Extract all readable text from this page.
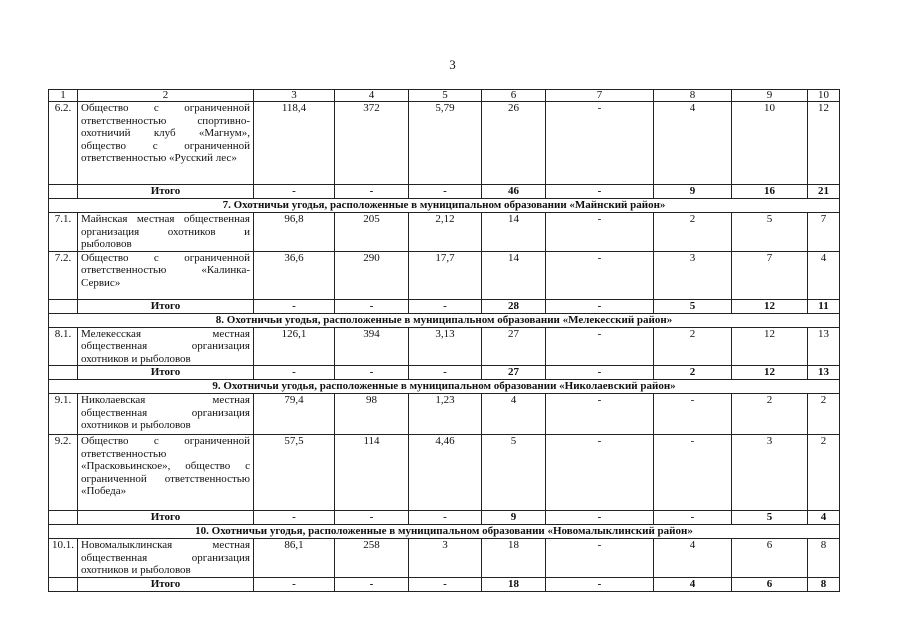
3
1	2	3	4	5	6	7	8	9	10
6.2.	Общество с ограниченной ответственностью спортивно-охотничий клуб «Магнум», общество с ограниченной ответственностью «Русский лес»	118,4	372	5,79	26	-	4	10	12
	Итого	-	-	-	46	-	9	16	21
7. Охотничьи угодья, расположенные в муниципальном образовании «Майнский район»									
7.1.	Майнская местная общественная организация охотников и рыболовов	96,8	205	2,12	14	-	2	5	7
7.2.	Общество с ограниченной ответственностью «Калинка-Сервис»	36,6	290	17,7	14	-	3	7	4
	Итого	-	-	-	28	-	5	12	11
8. Охотничьи угодья, расположенные в муниципальном образовании «Мелекесский район»									
8.1.	Мелекесская местная общественная организация охотников и рыболовов	126,1	394	3,13	27	-	2	12	13
	Итого	-	-	-	27	-	2	12	13
9. Охотничьи угодья, расположенные в муниципальном образовании «Николаевский район»									
9.1.	Николаевская местная общественная организация охотников и рыболовов	79,4	98	1,23	4	-	-	2	2
9.2.	Общество с ограниченной ответственностью «Прасковьинское», общество с ограниченной ответственностью «Победа»	57,5	114	4,46	5	-	-	3	2
	Итого	-	-	-	9	-	-	5	4
10. Охотничьи угодья, расположенные в муниципальном образовании «Новомалыклинский район»									
10.1.	Новомалыклинская местная общественная организация охотников и рыболовов	86,1	258	3	18	-	4	6	8
	Итого	-	-	-	18	-	4	6	8
